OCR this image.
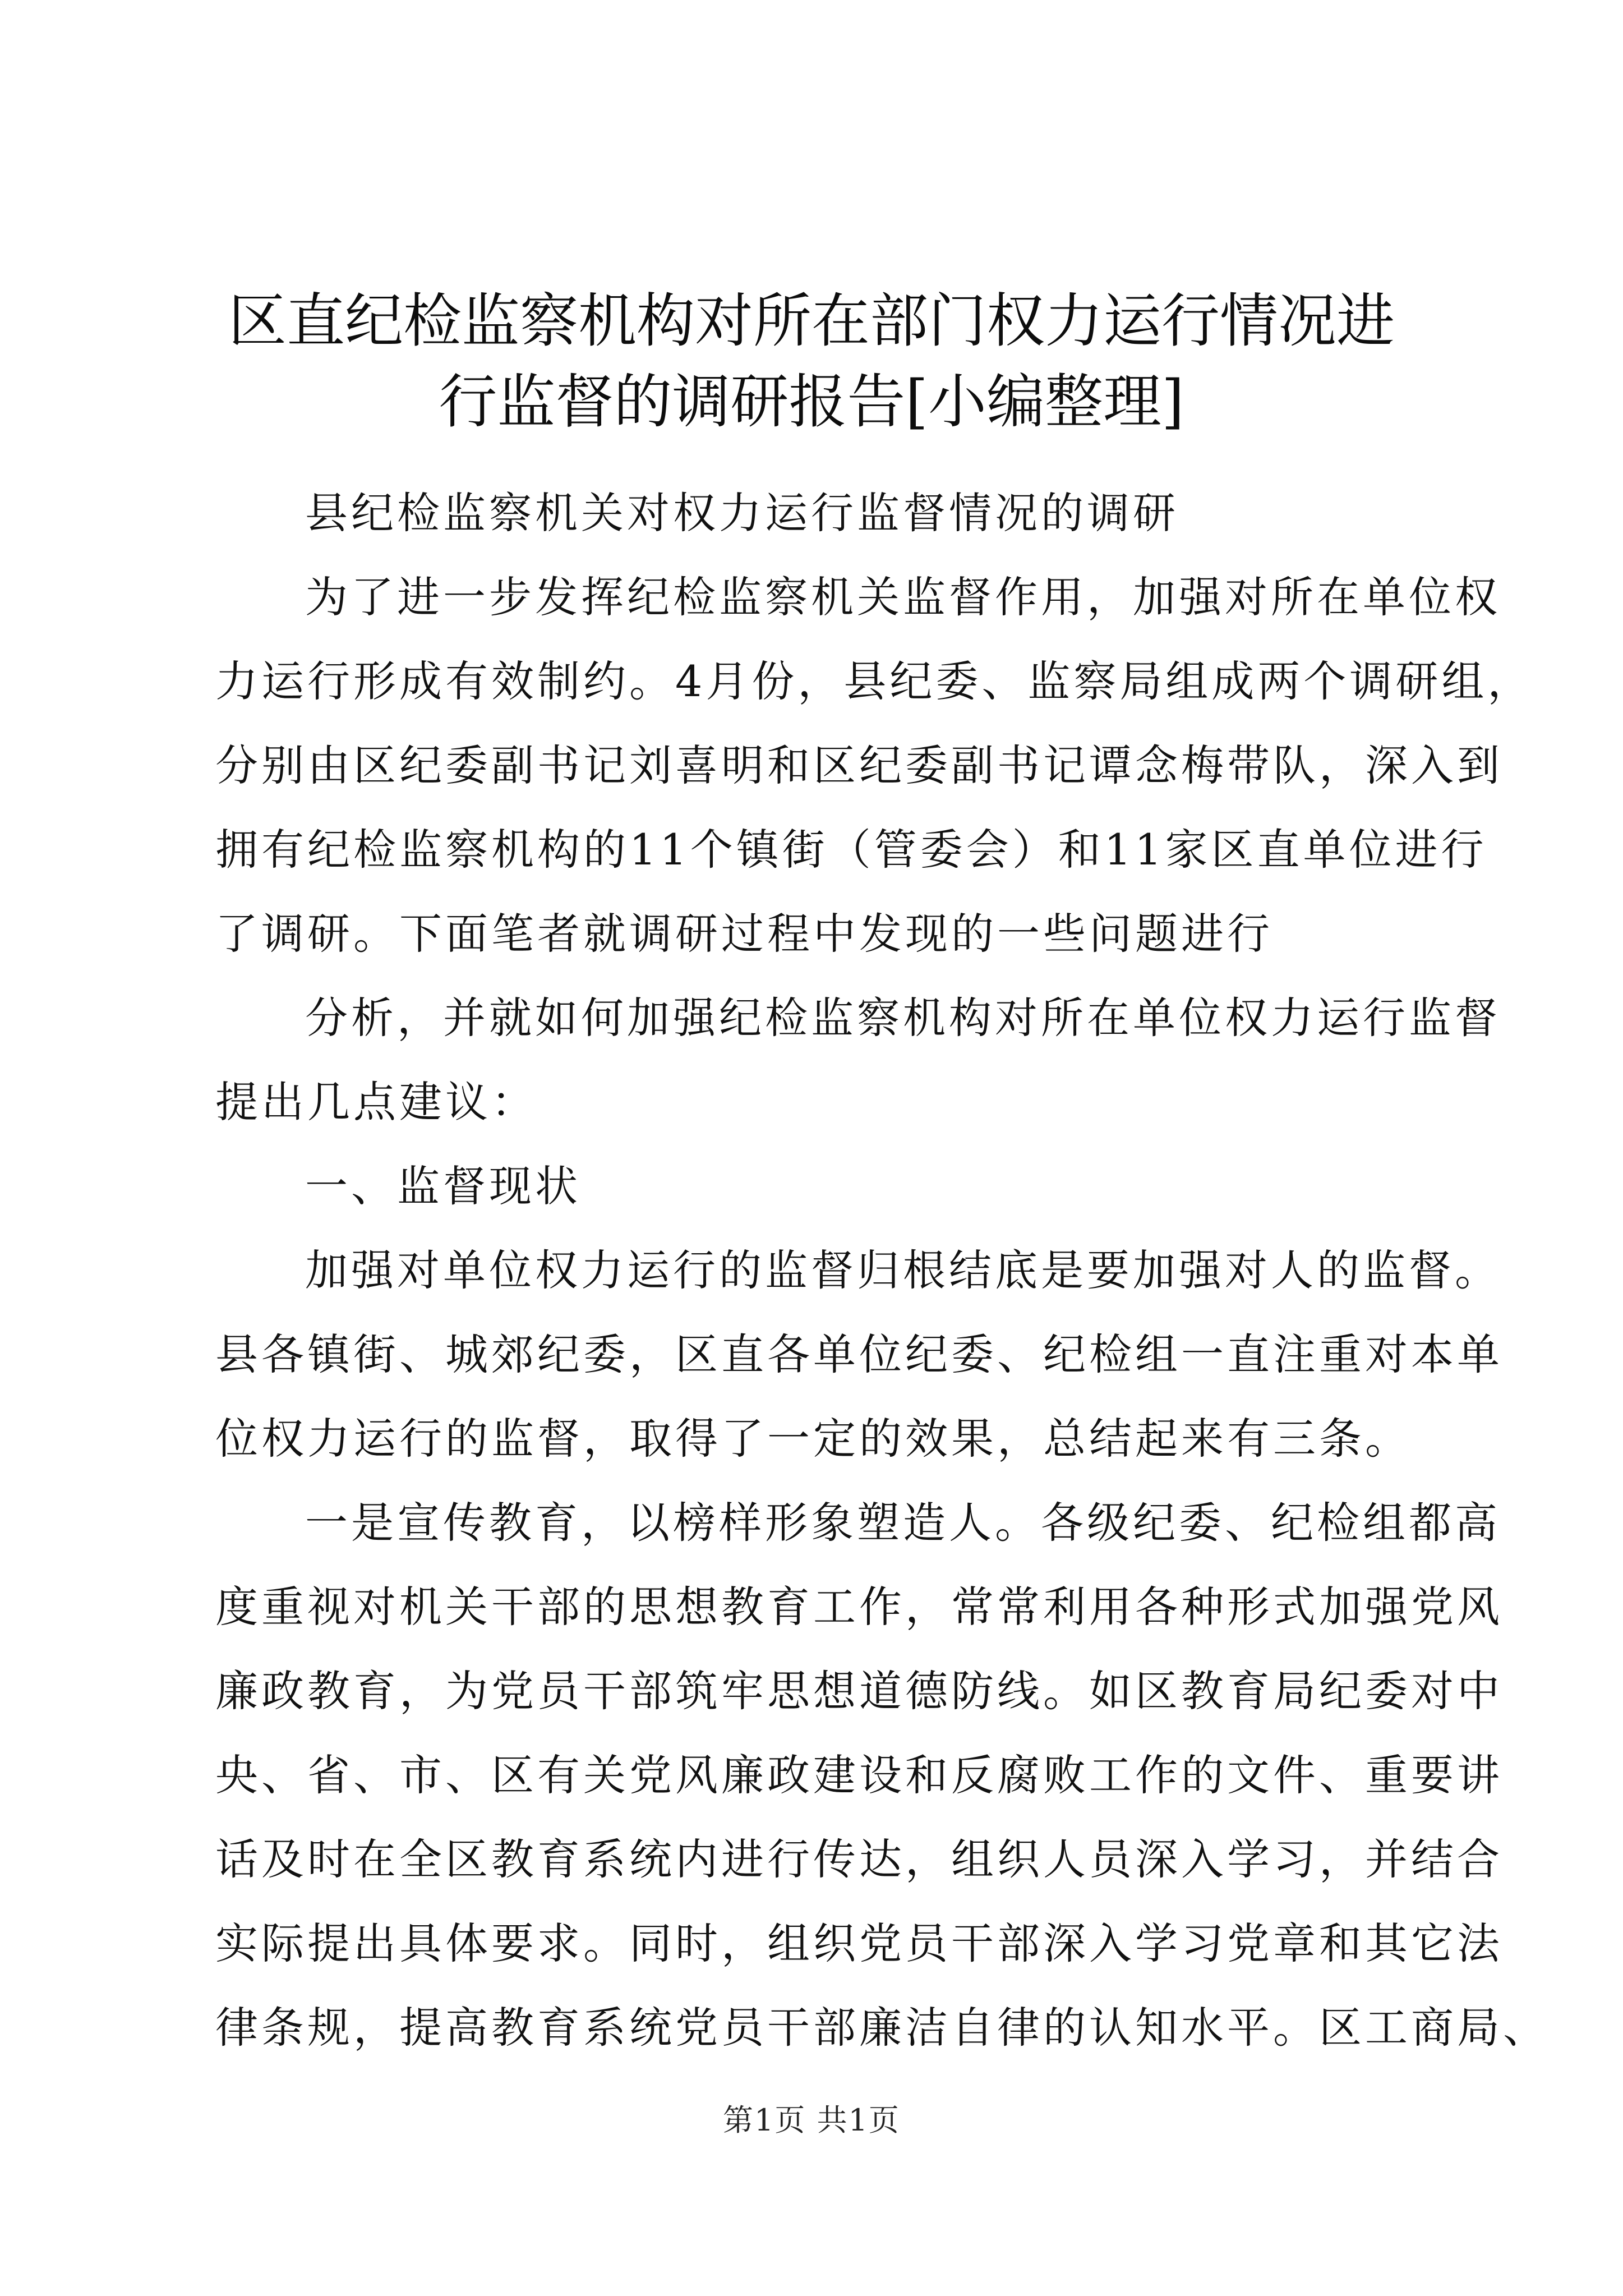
区直纪检监察机构对所在部门权力运行情况进
行监督的调研报告[小编整理]
县纪检监察机关对权力运行监督情况的调研
为 了 进 一 步 发 挥 纪 检 监 察 机 关 监 督 作 用 ， 加 强 对 所 在 单 位 权
力 运 行 形 成 有 效 制 约 。 4 月 份 ， 县 纪 委 、 监 察 局 组 成 两 个 调 研 组 ，
分 别 由 区 纪 委 副 书 记 刘 喜 明 和 区 纪 委 副 书 记 谭 念 梅 带 队 ， 深 入 到
拥 有 纪 检 监 察 机 构 的 11 个 镇 街 （ 管 委 会 ） 和 11 家 区 直 单 位 进 行
了调研。下面笔者就调研过程中发现的一些问题进行
分 析 ， 并 就 如 何 加 强 纪 检 监 察 机 构 对 所 在 单 位 权 力 运 行 监 督
提出几点建议：
一、监督现状
加 强 对 单 位 权 力 运 行 的 监 督 归 根 结 底 是 要 加 强 对 人 的 监 督 。
县 各 镇 街 、 城 郊 纪 委 ， 区 直 各 单 位 纪 委 、 纪 检 组 一 直 注 重 对 本 单
位权力运行的监督，取得了一定的效果，总结起来有三条。
一 是 宣 传 教 育 ， 以 榜 样 形 象 塑 造 人 。 各 级 纪 委 、 纪 检 组 都 高
度 重 视 对 机 关 干 部 的 思 想 教 育 工 作 ， 常 常 利 用 各 种 形 式 加 强 党 风
廉 政 教 育 ， 为 党 员 干 部 筑 牢 思 想 道 德 防 线 。 如 区 教 育 局 纪 委 对 中
央 、 省 、 市 、 区 有 关 党 风 廉 政 建 设 和 反 腐 败 工 作 的 文 件 、 重 要 讲
话 及 时 在 全 区 教 育 系 统 内 进 行 传 达 ， 组 织 人 员 深 入 学 习 ， 并 结 合
实 际 提 出 具 体 要 求 。 同 时 ， 组 织 党 员 干 部 深 入 学 习 党 章 和 其 它 法
律 条 规 ， 提 高 教 育 系 统 党 员 干 部 廉 洁 自 律 的 认 知 水 平 。 区 工 商 局 、
第1页 共1页
